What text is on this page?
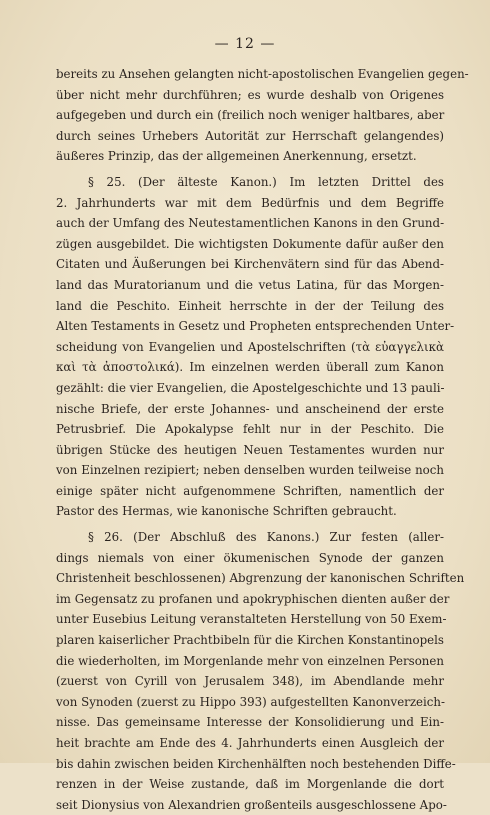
— 12 —
bereits zu Ansehen gelangten nicht-apostolischen Evangelien gegen-
über nicht mehr durchführen; es wurde deshalb von Origenes
aufgegeben und durch ein (freilich noch weniger haltbares, aber
durch seines Urhebers Autorität zur Herrschaft gelangendes)
äußeres Prinzip, das der allgemeinen Anerkennung, ersetzt.
§ 25. (Der älteste Kanon.) Im letzten Drittel des
2. Jahrhunderts war mit dem Bedürfnis und dem Begriffe
auch der Umfang des Neutestamentlichen Kanons in den Grund-
zügen ausgebildet. Die wichtigsten Dokumente dafür außer den
Citaten und Äußerungen bei Kirchenvätern sind für das Abend-
land das Muratorianum und die vetus Latina, für das Morgen-
land die Peschito. Einheit herrschte in der der Teilung des
Alten Testaments in Gesetz und Propheten entsprechenden Unter-
scheidung von Evangelien und Apostelschriften (τὰ εὐαγγελικὰ
καὶ τὰ ἀποστολικά). Im einzelnen werden überall zum Kanon
gezählt: die vier Evangelien, die Apostelgeschichte und 13 pauli-
nische Briefe, der erste Johannes- und anscheinend der erste
Petrusbrief. Die Apokalypse fehlt nur in der Peschito. Die
übrigen Stücke des heutigen Neuen Testamentes wurden nur
von Einzelnen rezipiert; neben denselben wurden teilweise noch
einige später nicht aufgenommene Schriften, namentlich der
Pastor des Hermas, wie kanonische Schriften gebraucht.
§ 26. (Der Abschluß des Kanons.) Zur festen (aller-
dings niemals von einer ökumenischen Synode der ganzen
Christenheit beschlossenen) Abgrenzung der kanonischen Schriften
im Gegensatz zu profanen und apokryphischen dienten außer der
unter Eusebius Leitung veranstalteten Herstellung von 50 Exem-
plaren kaiserlicher Prachtbibeln für die Kirchen Konstantinopels
die wiederholten, im Morgenlande mehr von einzelnen Personen
(zuerst von Cyrill von Jerusalem 348), im Abendlande mehr
von Synoden (zuerst zu Hippo 393) aufgestellten Kanonverzeich-
nisse. Das gemeinsame Interesse der Konsolidierung und Ein-
heit brachte am Ende des 4. Jahrhunderts einen Ausgleich der
bis dahin zwischen beiden Kirchenhälften noch bestehenden Diffe-
renzen in der Weise zustande, daß im Morgenlande die dort
seit Dionysius von Alexandrien großenteils ausgeschlossene Apo-
